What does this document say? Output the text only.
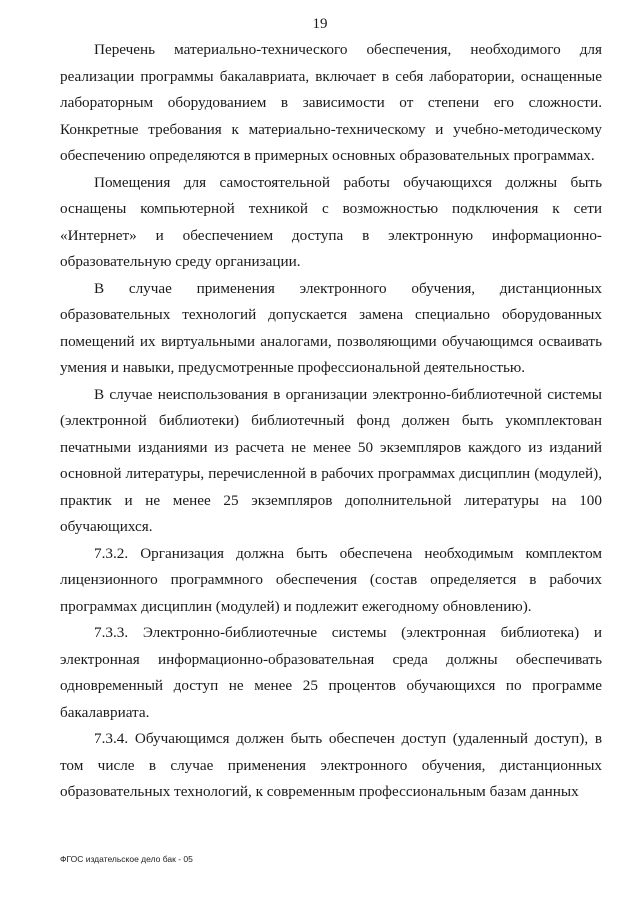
19

Перечень материально-технического обеспечения, необходимого для реализации программы бакалавриата, включает в себя лаборатории, оснащенные лабораторным оборудованием в зависимости от степени его сложности. Конкретные требования к материально-техническому и учебно-методическому обеспечению определяются в примерных основных образовательных программах.

Помещения для самостоятельной работы обучающихся должны быть оснащены компьютерной техникой с возможностью подключения к сети «Интернет» и обеспечением доступа в электронную информационно-образовательную среду организации.

В случае применения электронного обучения, дистанционных образовательных технологий допускается замена специально оборудованных помещений их виртуальными аналогами, позволяющими обучающимся осваивать умения и навыки, предусмотренные профессиональной деятельностью.

В случае неиспользования в организации электронно-библиотечной системы (электронной библиотеки) библиотечный фонд должен быть укомплектован печатными изданиями из расчета не менее 50 экземпляров каждого из изданий основной литературы, перечисленной в рабочих программах дисциплин (модулей), практик и не менее 25 экземпляров дополнительной литературы на 100 обучающихся.

7.3.2. Организация должна быть обеспечена необходимым комплектом лицензионного программного обеспечения (состав определяется в рабочих программах дисциплин (модулей) и подлежит ежегодному обновлению).

7.3.3. Электронно-библиотечные системы (электронная библиотека) и электронная информационно-образовательная среда должны обеспечивать одновременный доступ не менее 25 процентов обучающихся по программе бакалавриата.

7.3.4. Обучающимся должен быть обеспечен доступ (удаленный доступ), в том числе в случае применения электронного обучения, дистанционных образовательных технологий, к современным профессиональным базам данных

ФГОС издательское дело бак - 05
